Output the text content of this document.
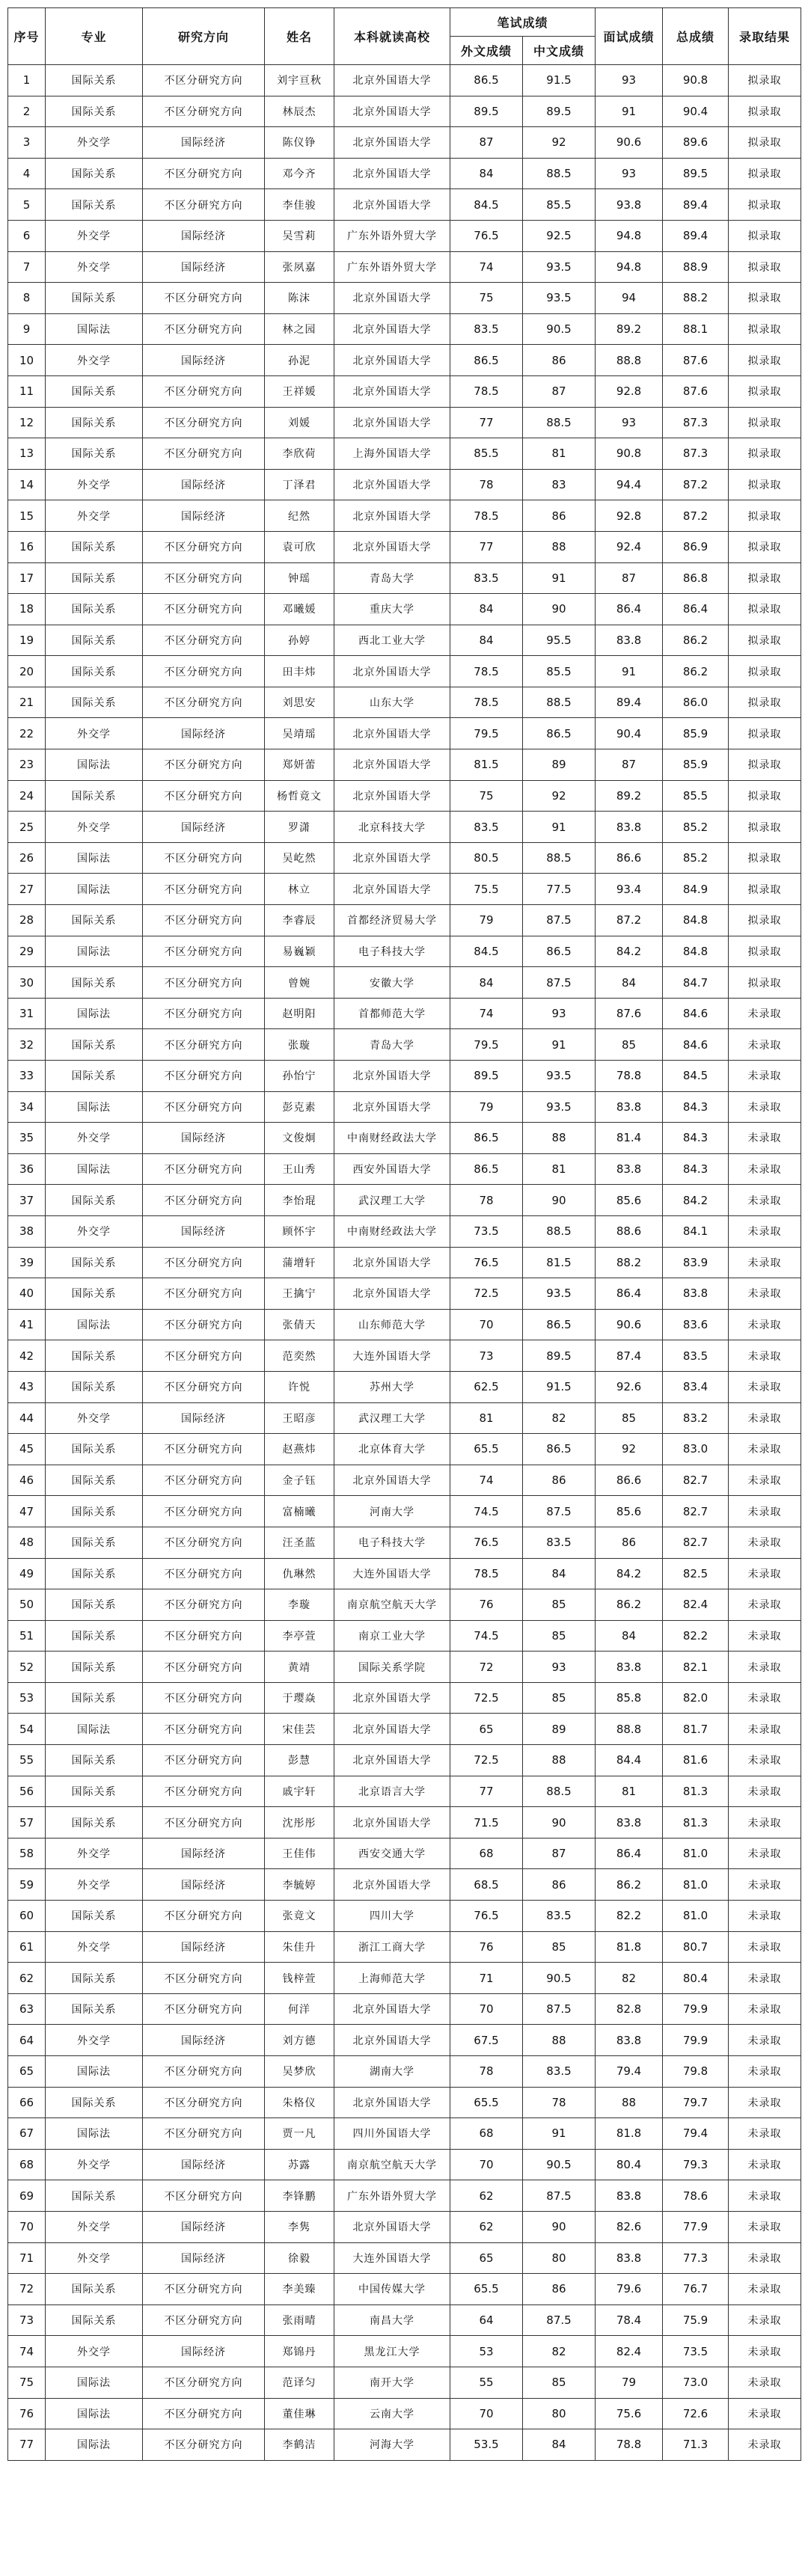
序号	专业	研究方向	姓名	本科就读高校	笔试成绩		面试成绩	总成绩	录取结果
					外文成绩	中文成绩			
1	国际关系	不区分研究方向	刘宇亘秋	北京外国语大学	86.5	91.5	93	90.8	拟录取
2	国际关系	不区分研究方向	林辰杰	北京外国语大学	89.5	89.5	91	90.4	拟录取
3	外交学	国际经济	陈仪铮	北京外国语大学	87	92	90.6	89.6	拟录取
4	国际关系	不区分研究方向	邓今齐	北京外国语大学	84	88.5	93	89.5	拟录取
5	国际关系	不区分研究方向	李佳骏	北京外国语大学	84.5	85.5	93.8	89.4	拟录取
6	外交学	国际经济	吴雪莉	广东外语外贸大学	76.5	92.5	94.8	89.4	拟录取
7	外交学	国际经济	张夙嘉	广东外语外贸大学	74	93.5	94.8	88.9	拟录取
8	国际关系	不区分研究方向	陈沫	北京外国语大学	75	93.5	94	88.2	拟录取
9	国际法	不区分研究方向	林之园	北京外国语大学	83.5	90.5	89.2	88.1	拟录取
10	外交学	国际经济	孙泥	北京外国语大学	86.5	86	88.8	87.6	拟录取
11	国际关系	不区分研究方向	王祥媛	北京外国语大学	78.5	87	92.8	87.6	拟录取
12	国际关系	不区分研究方向	刘媛	北京外国语大学	77	88.5	93	87.3	拟录取
13	国际关系	不区分研究方向	李欣荷	上海外国语大学	85.5	81	90.8	87.3	拟录取
14	外交学	国际经济	丁泽君	北京外国语大学	78	83	94.4	87.2	拟录取
15	外交学	国际经济	纪然	北京外国语大学	78.5	86	92.8	87.2	拟录取
16	国际关系	不区分研究方向	袁可欣	北京外国语大学	77	88	92.4	86.9	拟录取
17	国际关系	不区分研究方向	钟瑶	青岛大学	83.5	91	87	86.8	拟录取
18	国际关系	不区分研究方向	邓曦媛	重庆大学	84	90	86.4	86.4	拟录取
19	国际关系	不区分研究方向	孙婷	西北工业大学	84	95.5	83.8	86.2	拟录取
20	国际关系	不区分研究方向	田丰炜	北京外国语大学	78.5	85.5	91	86.2	拟录取
21	国际关系	不区分研究方向	刘思安	山东大学	78.5	88.5	89.4	86.0	拟录取
22	外交学	国际经济	吴靖瑶	北京外国语大学	79.5	86.5	90.4	85.9	拟录取
23	国际法	不区分研究方向	郑妍蕾	北京外国语大学	81.5	89	87	85.9	拟录取
24	国际关系	不区分研究方向	杨哲竟文	北京外国语大学	75	92	89.2	85.5	拟录取
25	外交学	国际经济	罗潇	北京科技大学	83.5	91	83.8	85.2	拟录取
26	国际法	不区分研究方向	吴屹然	北京外国语大学	80.5	88.5	86.6	85.2	拟录取
27	国际法	不区分研究方向	林立	北京外国语大学	75.5	77.5	93.4	84.9	拟录取
28	国际关系	不区分研究方向	李睿辰	首都经济贸易大学	79	87.5	87.2	84.8	拟录取
29	国际法	不区分研究方向	易巍颖	电子科技大学	84.5	86.5	84.2	84.8	拟录取
30	国际关系	不区分研究方向	曾婉	安徽大学	84	87.5	84	84.7	拟录取
31	国际法	不区分研究方向	赵明阳	首都师范大学	74	93	87.6	84.6	未录取
32	国际关系	不区分研究方向	张璇	青岛大学	79.5	91	85	84.6	未录取
33	国际关系	不区分研究方向	孙怡宁	北京外国语大学	89.5	93.5	78.8	84.5	未录取
34	国际法	不区分研究方向	彭克素	北京外国语大学	79	93.5	83.8	84.3	未录取
35	外交学	国际经济	文俊炯	中南财经政法大学	86.5	88	81.4	84.3	未录取
36	国际法	不区分研究方向	王山秀	西安外国语大学	86.5	81	83.8	84.3	未录取
37	国际关系	不区分研究方向	李怡琨	武汉理工大学	78	90	85.6	84.2	未录取
38	外交学	国际经济	顾怀宇	中南财经政法大学	73.5	88.5	88.6	84.1	未录取
39	国际关系	不区分研究方向	蒲增轩	北京外国语大学	76.5	81.5	88.2	83.9	未录取
40	国际关系	不区分研究方向	王擒宁	北京外国语大学	72.5	93.5	86.4	83.8	未录取
41	国际法	不区分研究方向	张倩天	山东师范大学	70	86.5	90.6	83.6	未录取
42	国际关系	不区分研究方向	范奕然	大连外国语大学	73	89.5	87.4	83.5	未录取
43	国际关系	不区分研究方向	许悦	苏州大学	62.5	91.5	92.6	83.4	未录取
44	外交学	国际经济	王昭彦	武汉理工大学	81	82	85	83.2	未录取
45	国际关系	不区分研究方向	赵燕炜	北京体育大学	65.5	86.5	92	83.0	未录取
46	国际关系	不区分研究方向	金子钰	北京外国语大学	74	86	86.6	82.7	未录取
47	国际关系	不区分研究方向	富楠曦	河南大学	74.5	87.5	85.6	82.7	未录取
48	国际关系	不区分研究方向	汪圣蓝	电子科技大学	76.5	83.5	86	82.7	未录取
49	国际关系	不区分研究方向	仇琳然	大连外国语大学	78.5	84	84.2	82.5	未录取
50	国际关系	不区分研究方向	李璇	南京航空航天大学	76	85	86.2	82.4	未录取
51	国际关系	不区分研究方向	李亭萱	南京工业大学	74.5	85	84	82.2	未录取
52	国际关系	不区分研究方向	黄靖	国际关系学院	72	93	83.8	82.1	未录取
53	国际关系	不区分研究方向	于璎焱	北京外国语大学	72.5	85	85.8	82.0	未录取
54	国际法	不区分研究方向	宋佳芸	北京外国语大学	65	89	88.8	81.7	未录取
55	国际关系	不区分研究方向	彭慧	北京外国语大学	72.5	88	84.4	81.6	未录取
56	国际关系	不区分研究方向	戚宇轩	北京语言大学	77	88.5	81	81.3	未录取
57	国际关系	不区分研究方向	沈彤彤	北京外国语大学	71.5	90	83.8	81.3	未录取
58	外交学	国际经济	王佳伟	西安交通大学	68	87	86.4	81.0	未录取
59	外交学	国际经济	李毓婷	北京外国语大学	68.5	86	86.2	81.0	未录取
60	国际关系	不区分研究方向	张竟文	四川大学	76.5	83.5	82.2	81.0	未录取
61	外交学	国际经济	朱佳升	浙江工商大学	76	85	81.8	80.7	未录取
62	国际关系	不区分研究方向	钱梓萱	上海师范大学	71	90.5	82	80.4	未录取
63	国际关系	不区分研究方向	何洋	北京外国语大学	70	87.5	82.8	79.9	未录取
64	外交学	国际经济	刘方德	北京外国语大学	67.5	88	83.8	79.9	未录取
65	国际法	不区分研究方向	吴梦欣	湖南大学	78	83.5	79.4	79.8	未录取
66	国际关系	不区分研究方向	朱格仪	北京外国语大学	65.5	78	88	79.7	未录取
67	国际法	不区分研究方向	贾一凡	四川外国语大学	68	91	81.8	79.4	未录取
68	外交学	国际经济	苏露	南京航空航天大学	70	90.5	80.4	79.3	未录取
69	国际关系	不区分研究方向	李锋鹏	广东外语外贸大学	62	87.5	83.8	78.6	未录取
70	外交学	国际经济	李隽	北京外国语大学	62	90	82.6	77.9	未录取
71	外交学	国际经济	徐毅	大连外国语大学	65	80	83.8	77.3	未录取
72	国际关系	不区分研究方向	李美臻	中国传媒大学	65.5	86	79.6	76.7	未录取
73	国际关系	不区分研究方向	张雨晴	南昌大学	64	87.5	78.4	75.9	未录取
74	外交学	国际经济	郑锦丹	黑龙江大学	53	82	82.4	73.5	未录取
75	国际法	不区分研究方向	范译匀	南开大学	55	85	79	73.0	未录取
76	国际法	不区分研究方向	董佳琳	云南大学	70	80	75.6	72.6	未录取
77	国际法	不区分研究方向	李鹤洁	河海大学	53.5	84	78.8	71.3	未录取
